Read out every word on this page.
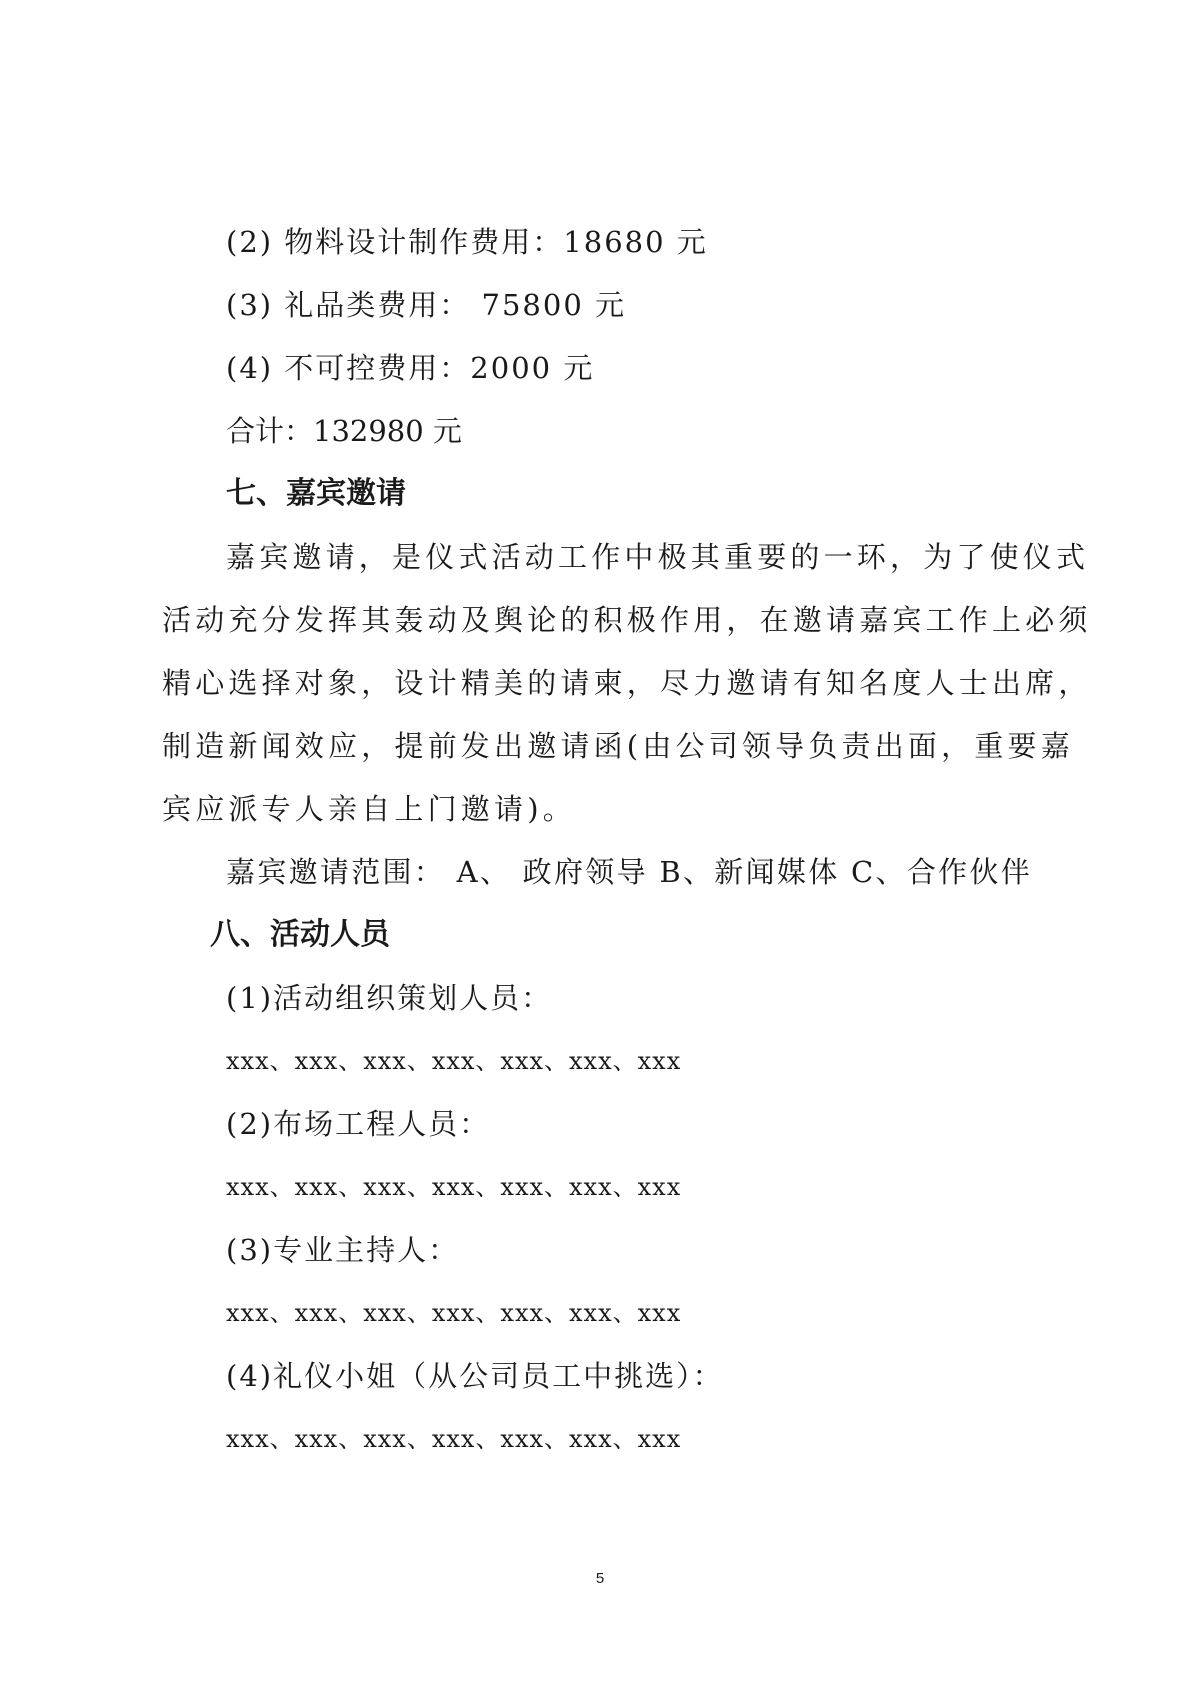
(2) 物料设计制作费用：18680 元
(3) 礼品类费用： 75800 元
(4) 不可控费用：2000 元
合计：132980 元
七、嘉宾邀请
嘉宾邀请，是仪式活动工作中极其重要的一环，为了使仪式
活动充分发挥其轰动及舆论的积极作用，在邀请嘉宾工作上必须
精心选择对象，设计精美的请柬，尽力邀请有知名度人士出席，
制造新闻效应，提前发出邀请函(由公司领导负责出面，重要嘉
宾应派专人亲自上门邀请)。
嘉宾邀请范围： A、 政府领导 B、新闻媒体 C、合作伙伴
八、活动人员
(1)活动组织策划人员：
xxx、xxx、xxx、xxx、xxx、xxx、xxx
(2)布场工程人员：
xxx、xxx、xxx、xxx、xxx、xxx、xxx
(3)专业主持人：
xxx、xxx、xxx、xxx、xxx、xxx、xxx
(4)礼仪小姐（从公司员工中挑选）：
xxx、xxx、xxx、xxx、xxx、xxx、xxx
5
